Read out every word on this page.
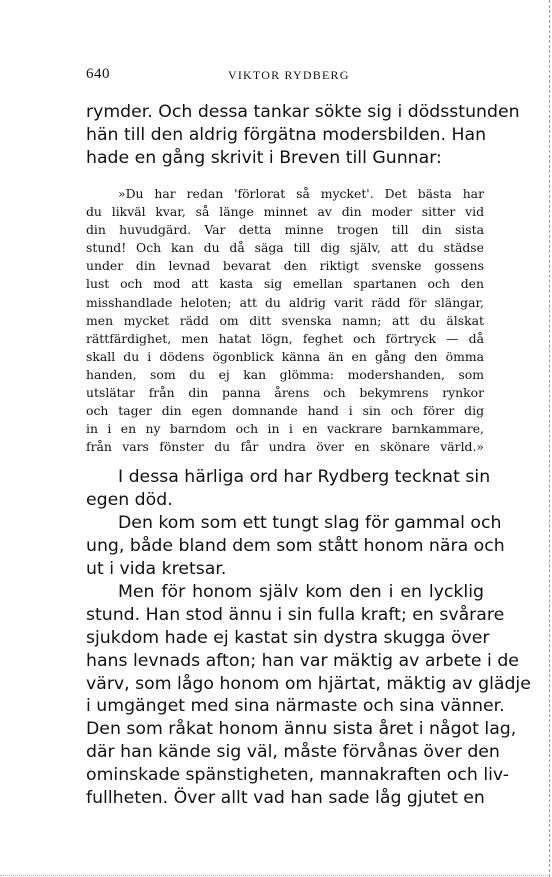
640	VIKTOR RYDBERG
rymder. Och dessa tankar sökte sig i dödsstunden
hän till den aldrig förgätna modersbilden. Han
hade en gång skrivit i Breven till Gunnar:
»Du har redan 'förlorat så mycket'. Det bästa har
du likväl kvar, så länge minnet av din moder sitter vid
din huvudgärd. Var detta minne trogen till din sista
stund! Och kan du då säga till dig själv, att du städse
under din levnad bevarat den riktigt svenske gossens
lust och mod att kasta sig emellan spartanen och den
misshandlade heloten; att du aldrig varit rädd för slängar,
men mycket rädd om ditt svenska namn; att du älskat
rättfärdighet, men hatat lögn, feghet och förtryck — då
skall du i dödens ögonblick känna än en gång den ömma
handen, som du ej kan glömma: modershanden, som
utslätar från din panna årens och bekymrens rynkor
och tager din egen domnande hand i sin och förer dig
in i en ny barndom och in i en vackrare barnkammare,
från vars fönster du får undra över en skönare värld.»
I dessa härliga ord har Rydberg tecknat sin
egen död.
Den kom som ett tungt slag för gammal och
ung, både bland dem som stått honom nära och
ut i vida kretsar.
Men för honom själv kom den i en lycklig
stund. Han stod ännu i sin fulla kraft; en svårare
sjukdom hade ej kastat sin dystra skugga över
hans levnads afton; han var mäktig av arbete i de
värv, som lågo honom om hjärtat, mäktig av glädje
i umgänget med sina närmaste och sina vänner.
Den som råkat honom ännu sista året i något lag,
där han kände sig väl, måste förvånas över den
ominskade spänstigheten, mannakraften och liv-
fullheten. Över allt vad han sade låg gjutet en
